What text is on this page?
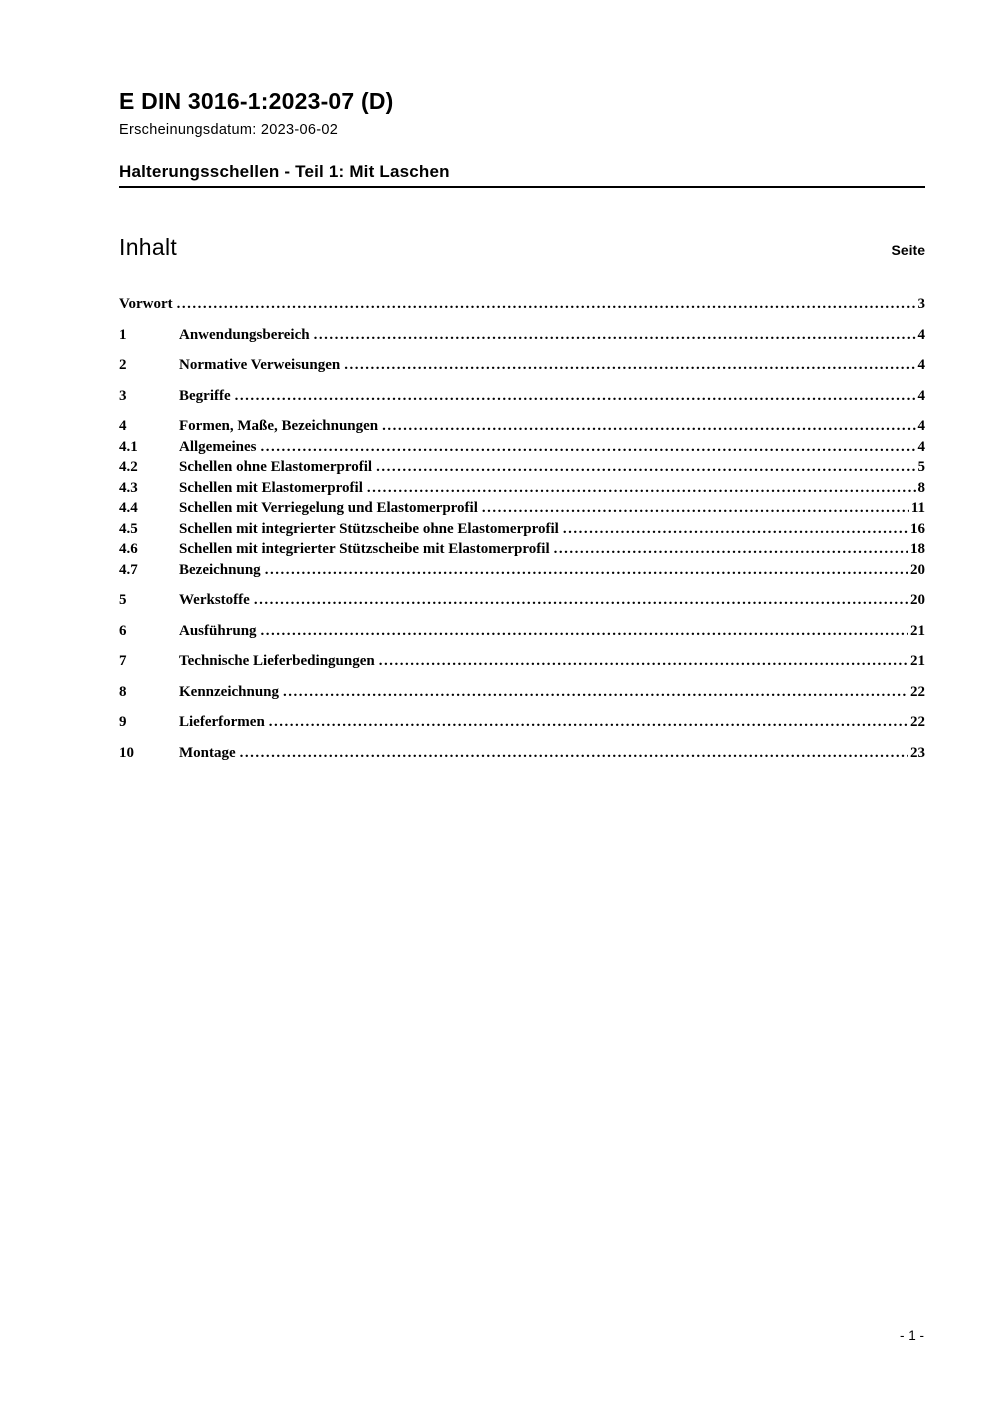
E DIN 3016-1:2023-07 (D)
Erscheinungsdatum: 2023-06-02
Halterungsschellen - Teil 1: Mit Laschen
Inhalt	Seite
Vorwort .....	3
1	Anwendungsbereich .....	4
2	Normative Verweisungen .....	4
3	Begriffe .....	4
4	Formen, Maße, Bezeichnungen .....	4
4.1	Allgemeines .....	4
4.2	Schellen ohne Elastomerprofil .....	5
4.3	Schellen mit Elastomerprofil .....	8
4.4	Schellen mit Verriegelung und Elastomerprofil .....	11
4.5	Schellen mit integrierter Stützscheibe ohne Elastomerprofil .....	16
4.6	Schellen mit integrierter Stützscheibe mit Elastomerprofil .....	18
4.7	Bezeichnung .....	20
5	Werkstoffe .....	20
6	Ausführung .....	21
7	Technische Lieferbedingungen .....	21
8	Kennzeichnung .....	22
9	Lieferformen .....	22
10	Montage .....	23
- 1 -
